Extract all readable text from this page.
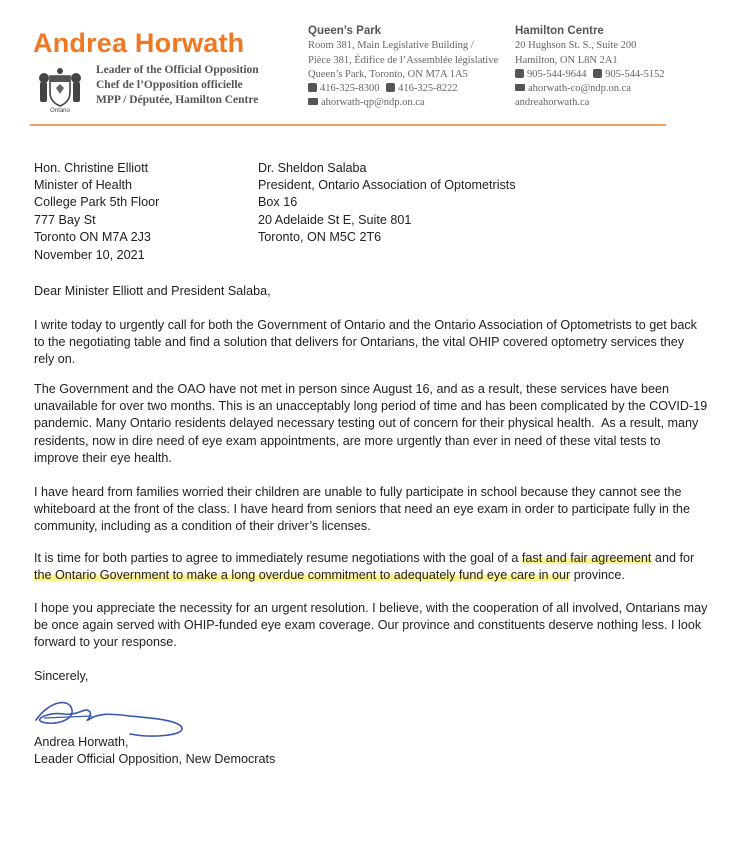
Andrea Horwath
Ontario
Leader of the Official Opposition
Chef de l’Opposition officielle
MPP / Députée, Hamilton Centre
Queen’s Park
Room 381, Main Legislative Building /
Pièce 381, Édifice de l’Assemblée législative
Queen’s Park, Toronto, ON M7A 1A5
416-325-8300 416-325-8222
ahorwath-qp@ndp.on.ca
Hamilton Centre
20 Hughson St. S., Suite 200
Hamilton, ON L8N 2A1
905-544-9644 905-544-5152
ahorwath-co@ndp.on.ca
andreahorwath.ca
Hon. Christine Elliott
Minister of Health
College Park 5th Floor
777 Bay St
Toronto ON M7A 2J3
Dr. Sheldon Salaba
President, Ontario Association of Optometrists
Box 16
20 Adelaide St E, Suite 801
Toronto, ON M5C 2T6
November 10, 2021
Dear Minister Elliott and President Salaba,
I write today to urgently call for both the Government of Ontario and the Ontario Association of Optometrists to get back
to the negotiating table and find a solution that delivers for Ontarians, the vital OHIP covered optometry services they
rely on.
The Government and the OAO have not met in person since August 16, and as a result, these services have been
unavailable for over two months. This is an unacceptably long period of time and has been complicated by the COVID-19
pandemic. Many Ontario residents delayed necessary testing out of concern for their physical health.  As a result, many
residents, now in dire need of eye exam appointments, are more urgently than ever in need of these vital tests to
improve their eye health.
I have heard from families worried their children are unable to fully participate in school because they cannot see the
whiteboard at the front of the class. I have heard from seniors that need an eye exam in order to participate fully in the
community, including as a condition of their driver’s licenses.
It is time for both parties to agree to immediately resume negotiations with the goal of a fast and fair agreement and for
the Ontario Government to make a long overdue commitment to adequately fund eye care in our province.
I hope you appreciate the necessity for an urgent resolution. I believe, with the cooperation of all involved, Ontarians may
be once again served with OHIP-funded eye exam coverage. Our province and constituents deserve nothing less. I look
forward to your response.
Sincerely,
Andrea Horwath,
Leader Official Opposition, New Democrats
